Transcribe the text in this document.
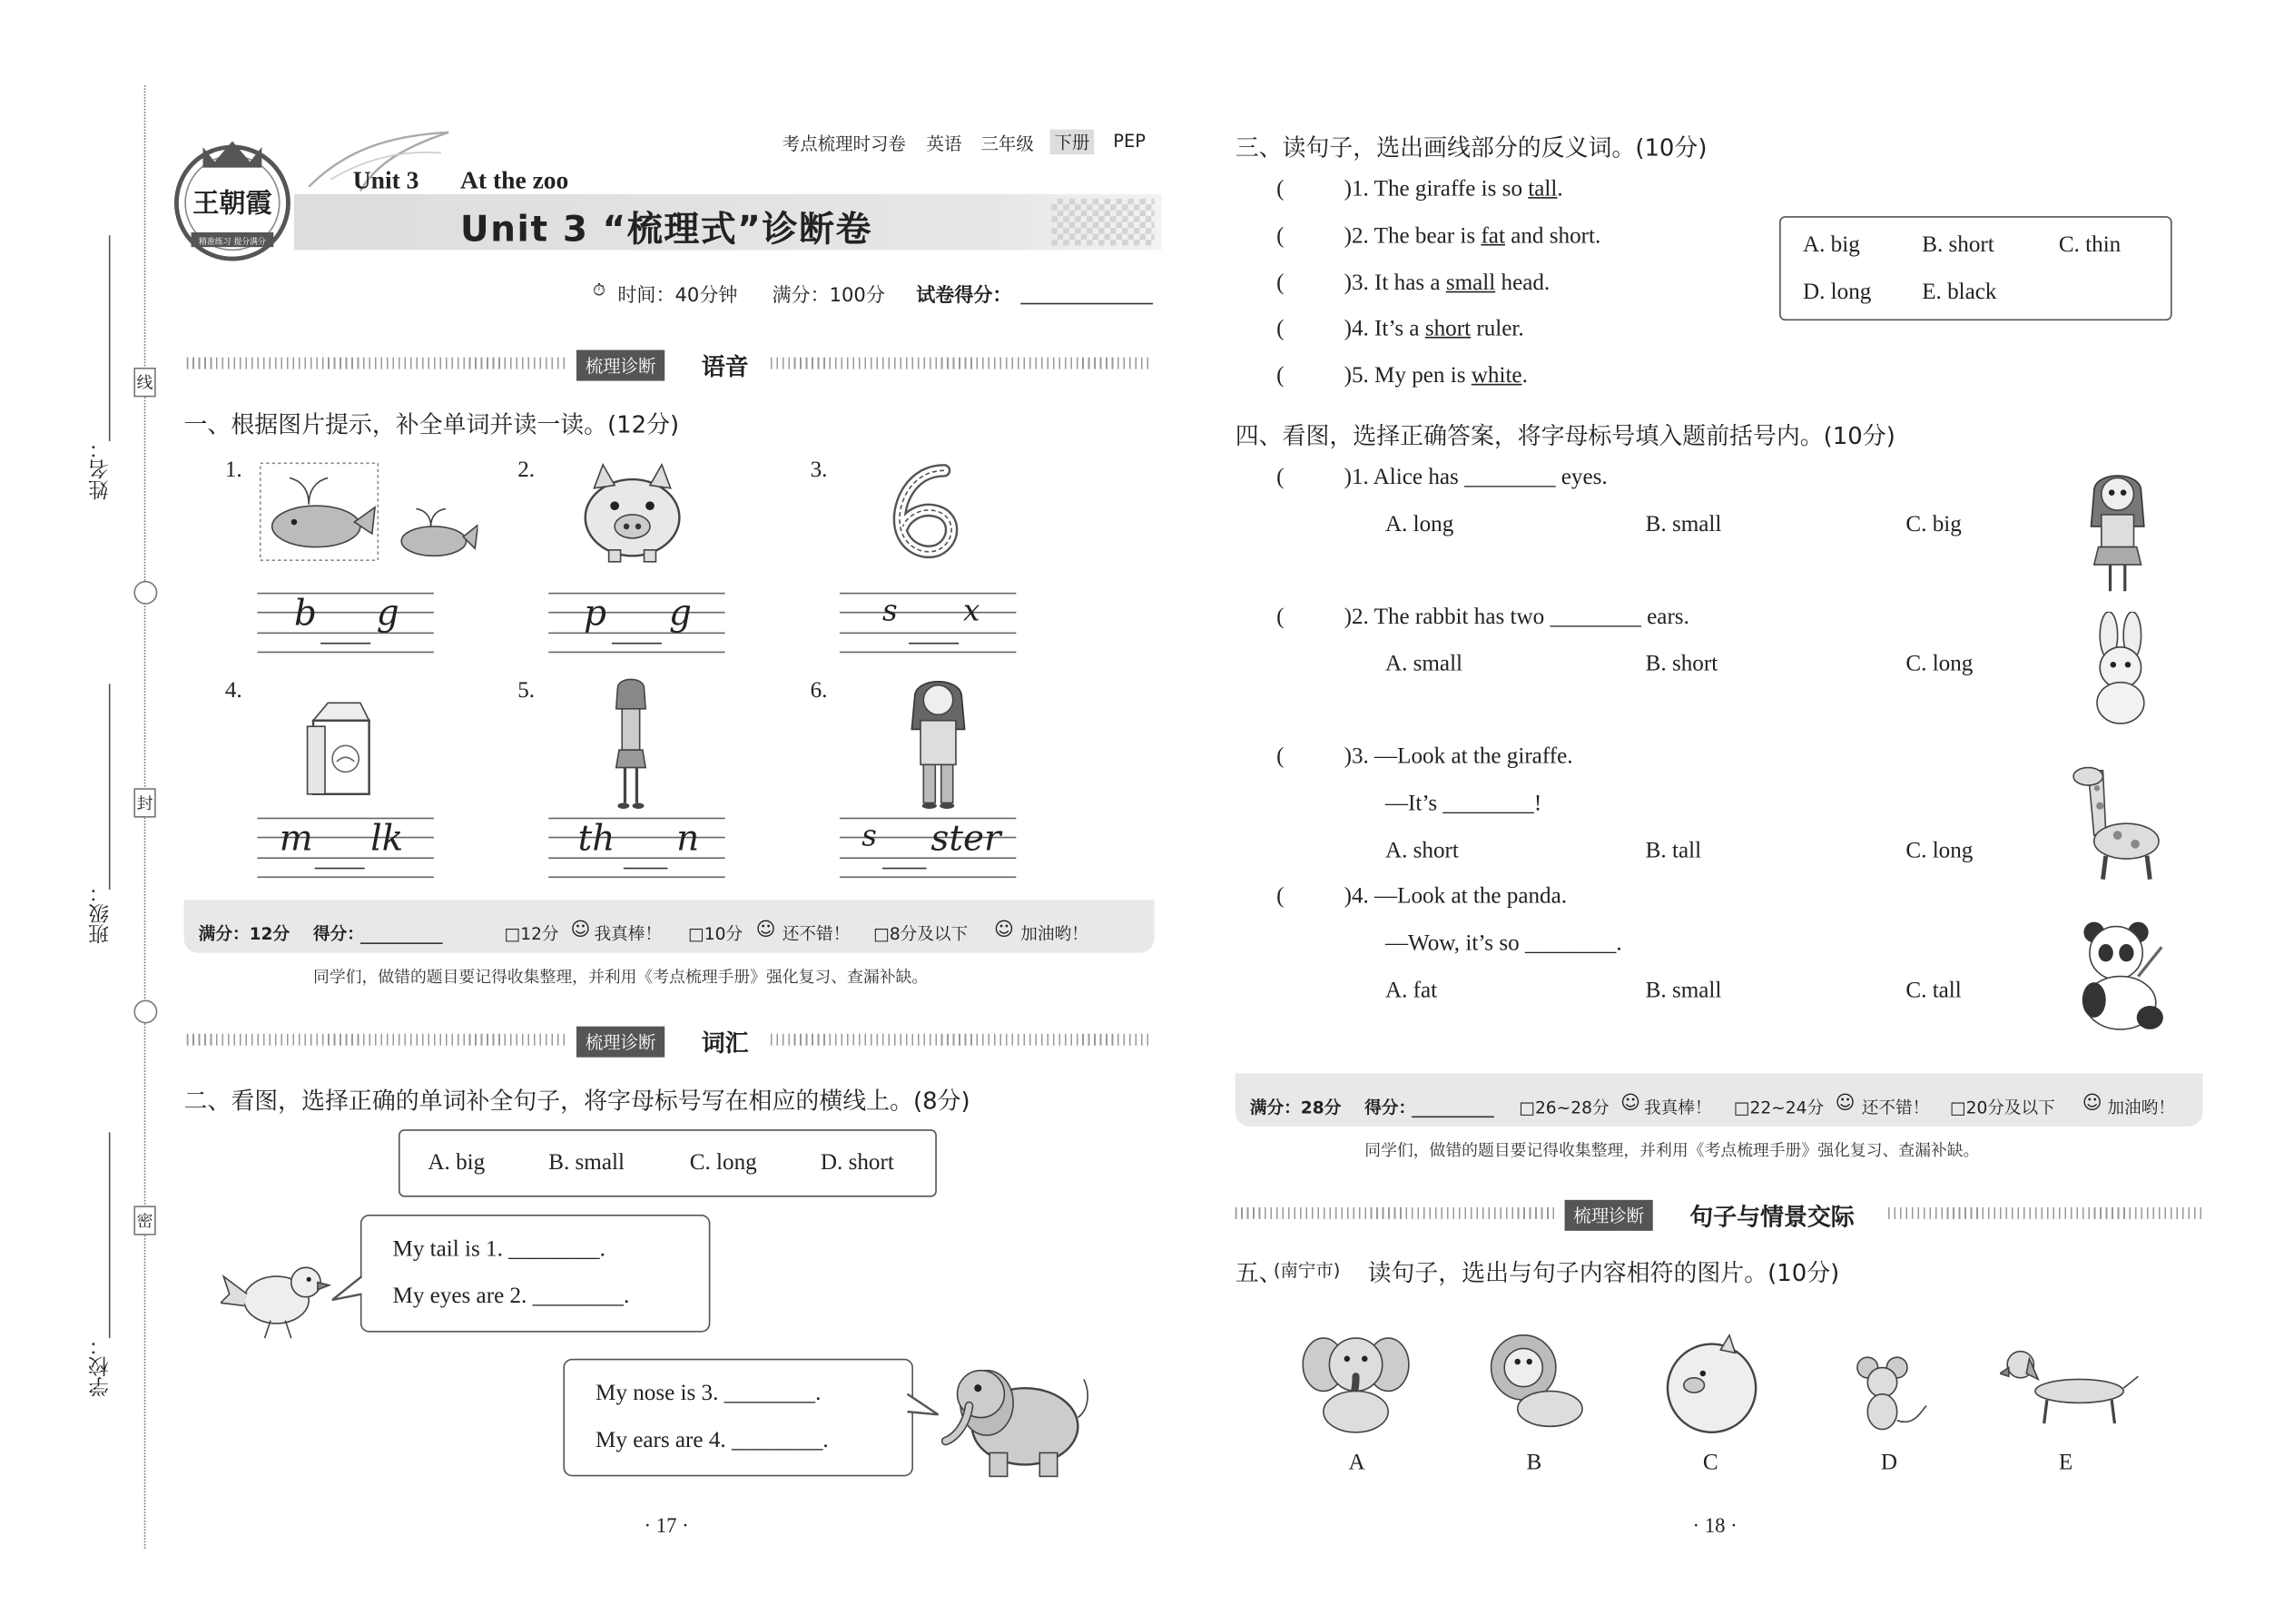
姓名：
班级：
学校：
线
封
密
王朝霞
精准练习 提分满分
考点梳理时习卷 英语 三年级	下册	PEP
Unit 3	At the zoo
Unit 3 “梳理式”诊断卷
⏱ 时间：40分钟	满分：100分	试卷得分：
梳理诊断	语音
一、根据图片提示，补全单词并读一读。(12分)
1.
b	g
2.
p	g
3.
s	x
4.
m	lk
5.
th	n
6.
s ster
满分：12分 得分：	□12分 ☺ 我真棒！	□10分 ☺ 还不错！ □8分及以下 ☺ 加油哟！
同学们，做错的题目要记得收集整理，并利用《考点梳理手册》强化复习、查漏补缺。
梳理诊断	词汇
二、看图，选择正确的单词补全句子，将字母标号写在相应的横线上。(8分)
A. big	B. small	C. long	D. short
My tail is 1. ________.
My eyes are 2. ________.
My nose is 3. ________.
My ears are 4. ________.
· 17 ·
三、读句子，选出画线部分的反义词。(10分)
(	)1. The giraffe is so tall.
(	)2. The bear is fat and short.
(	)3. It has a small head.
(	)4. It’s a short ruler.
(	)5. My pen is white.
A. big	B. short	C. thin
D. long	E. black
四、看图，选择正确答案，将字母标号填入题前括号内。(10分)
(	)1. Alice has ________ eyes.
A. long	B. small	C. big
(	)2. The rabbit has two ________ ears.
A. small	B. short	C. long
(	)3. —Look at the giraffe.
—It’s ________!
A. short	B. tall	C. long
(	)4. —Look at the panda.
—Wow, it’s so ________.
A. fat	B. small	C. tall
满分：28分 得分：	□26~28分 ☺ 我真棒！ □22~24分 ☺ 还不错！ □20分及以下 ☺ 加油哟！
同学们，做错的题目要记得收集整理，并利用《考点梳理手册》强化复习、查漏补缺。
梳理诊断	句子与情景交际
五、
(南宁市) 读句子，选出与句子内容相符的图片。(10分)
A	B	C	D	E
· 18 ·
